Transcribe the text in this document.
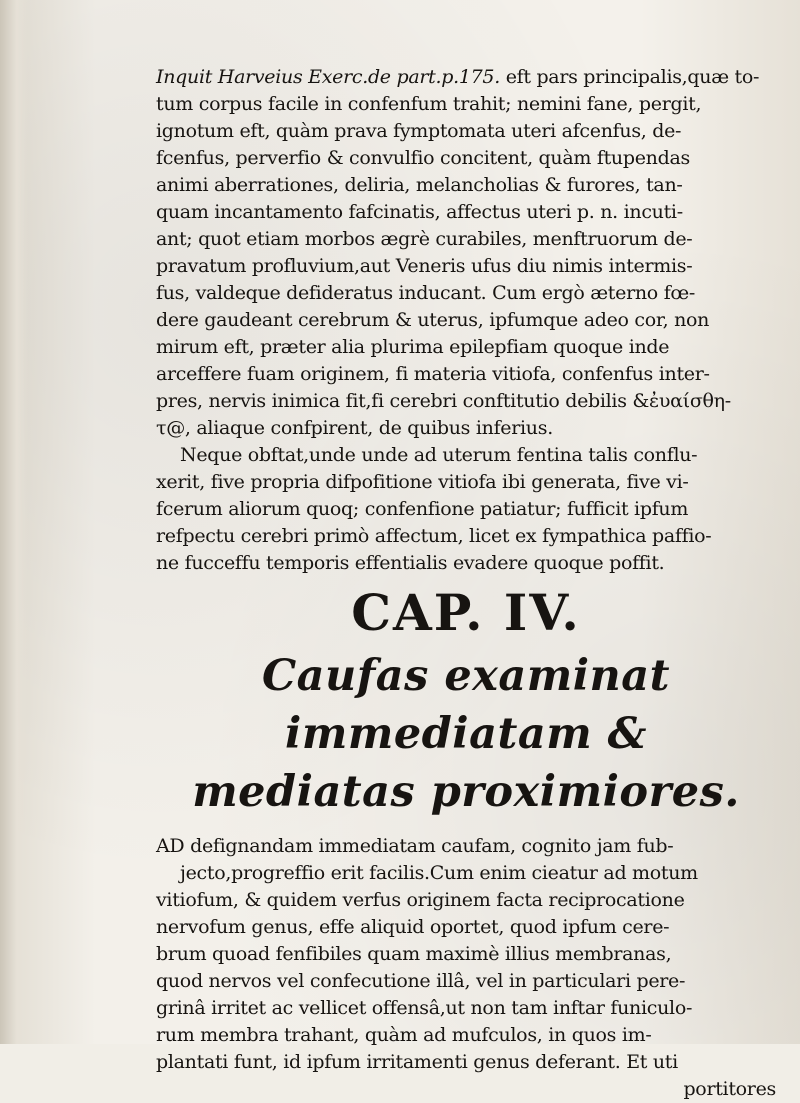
Inquit Harveius Exerc.de part.p.175. eft pars principalis,quæ to-
tum corpus facile in confenfum trahit; nemini fane, pergit,
ignotum eft, quàm prava fymptomata uteri afcenfus, de-
fcenfus, perverfio & convulfio concitent, quàm ftupendas
animi aberrationes, deliria, melancholias & furores, tan-
quam incantamento fafcinatis, affectus uteri p. n. incuti-
ant; quot etiam morbos ægrè curabiles, menftruorum de-
pravatum profluvium,aut Veneris ufus diu nimis intermis-
fus, valdeque defideratus inducant. Cum ergò æterno fœ-
dere gaudeant cerebrum & uterus, ipfumque adeo cor, non
mirum eft, præter alia plurima epilepfiam quoque inde
arceffere fuam originem, fi materia vitiofa, confenfus inter-
pres, nervis inimica fit,fi cerebri conftitutio debilis &ἐυαίσθη-
τ@, aliaque confpirent, de quibus inferius.

Neque obftat,unde unde ad uterum fentina talis conflu-
xerit, five propria difpofitione vitiofa ibi generata, five vi-
fcerum aliorum quoq; confenfione patiatur; fufficit ipfum
refpectu cerebri primò affectum, licet ex fympathica paffio-
ne fucceffu temporis effentialis evadere quoque poffit.

CAP. IV.
Caufas examinat immediatam &
mediatas proximiores.

AD defignandam immediatam caufam, cognito jam fub-
jecto,progreffio erit facilis.Cum enim cieatur ad motum
vitiofum, & quidem verfus originem facta reciprocatione
nervofum genus, effe aliquid oportet, quod ipfum cere-
brum quoad fenfibiles quam maximè illius membranas,
quod nervos vel confecutione illâ, vel in particulari pere-
grinâ irritet ac vellicet offensâ,ut non tam inftar funiculo-
rum membra trahant, quàm ad mufculos, in quos im-
plantati funt, id ipfum irritamenti genus deferant. Et uti
portitores
